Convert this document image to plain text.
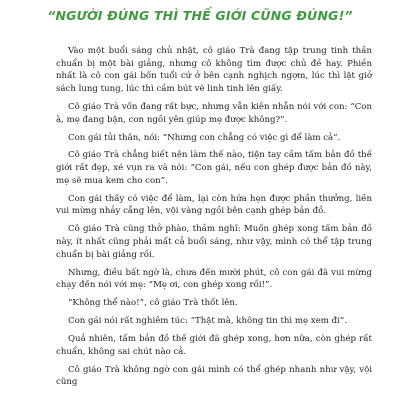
“NGƯỜI ĐÚNG THÌ THẾ GIỚI CŨNG ĐÚNG!”

Vào một buổi sáng chủ nhật, cô giáo Trà đang tập trung tinh thần chuẩn bị một bài giảng, nhưng cô không tìm được chủ đề hay. Phiền nhất là cô con gái bốn tuổi cứ ở bên cạnh nghịch ngợm, lúc thì lật giở sách lung tung, lúc thì cầm bút vẽ linh tinh lên giấy.

Cô giáo Trà vốn đang rất bực, nhưng vẫn kiên nhẫn nói với con: “Con à, mẹ đang bận, con ngồi yên giúp mẹ được không?”.

Con gái tủi thân, nói: “Nhưng con chẳng có việc gì để làm cả”.

Cô giáo Trà chẳng biết nên làm thế nào, tiện tay cầm tấm bản đồ thế giới rất đẹp, xé vụn ra và nói: “Con gái, nếu con ghép được bản đồ này, mẹ sẽ mua kem cho con”.

Con gái thấy có việc để làm, lại còn hứa hẹn được phần thưởng, liền vui mừng nhảy cẫng lên, vội vàng ngồi bên cạnh ghép bản đồ.

Cô giáo Trà cũng thở phào, thầm nghĩ: Muốn ghép xong tấm bản đồ này, ít nhất cũng phải mất cả buổi sáng, như vậy, mình có thể tập trung chuẩn bị bài giảng rồi.

Nhưng, điều bất ngờ là, chưa đến mười phút, cô con gái đã vui mừng chạy đến nói với mẹ: “Mẹ ơi, con ghép xong rồi!”.

“Không thể nào!”, cô giáo Trà thốt lên.

Con gái nói rất nghiêm túc: “Thật mà, không tin thì mẹ xem đi”.

Quả nhiên, tấm bản đồ thế giới đã ghép xong, hơn nữa, còn ghép rất chuẩn, không sai chút nào cả.

Cô giáo Trà không ngờ con gái mình có thể ghép nhanh như vậy, vội cũng
